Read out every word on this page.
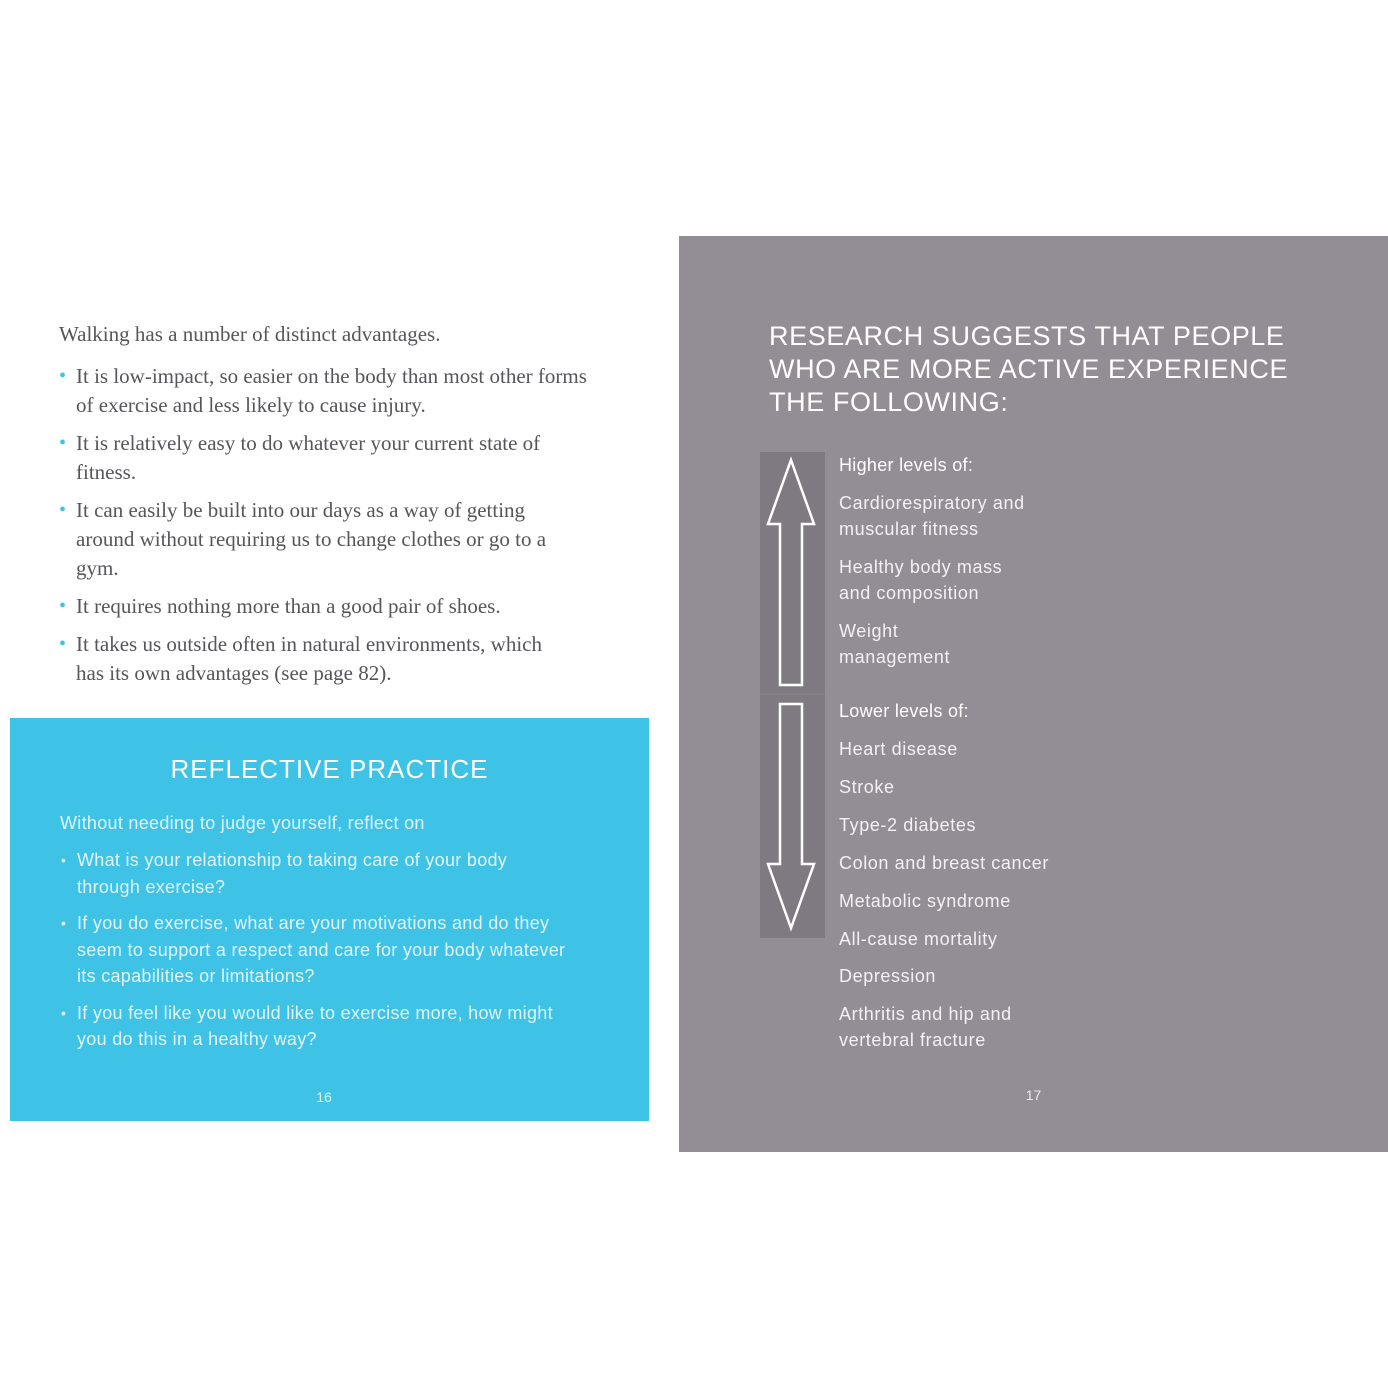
Walking has a number of distinct advantages.

• It is low-impact, so easier on the body than most other forms of exercise and less likely to cause injury.
• It is relatively easy to do whatever your current state of fitness.
• It can easily be built into our days as a way of getting around without requiring us to change clothes or go to a gym.
• It requires nothing more than a good pair of shoes.
• It takes us outside often in natural environments, which has its own advantages (see page 82).
REFLECTIVE PRACTICE

Without needing to judge yourself, reflect on

• What is your relationship to taking care of your body through exercise?
• If you do exercise, what are your motivations and do they seem to support a respect and care for your body whatever its capabilities or limitations?
• If you feel like you would like to exercise more, how might you do this in a healthy way?
16
RESEARCH SUGGESTS THAT PEOPLE WHO ARE MORE ACTIVE EXPERIENCE THE FOLLOWING:

Higher levels of:

Cardiorespiratory and muscular fitness

Healthy body mass and composition

Weight management

Lower levels of:

Heart disease

Stroke

Type-2 diabetes

Colon and breast cancer

Metabolic syndrome

All-cause mortality

Depression

Arthritis and hip and vertebral fracture

17
